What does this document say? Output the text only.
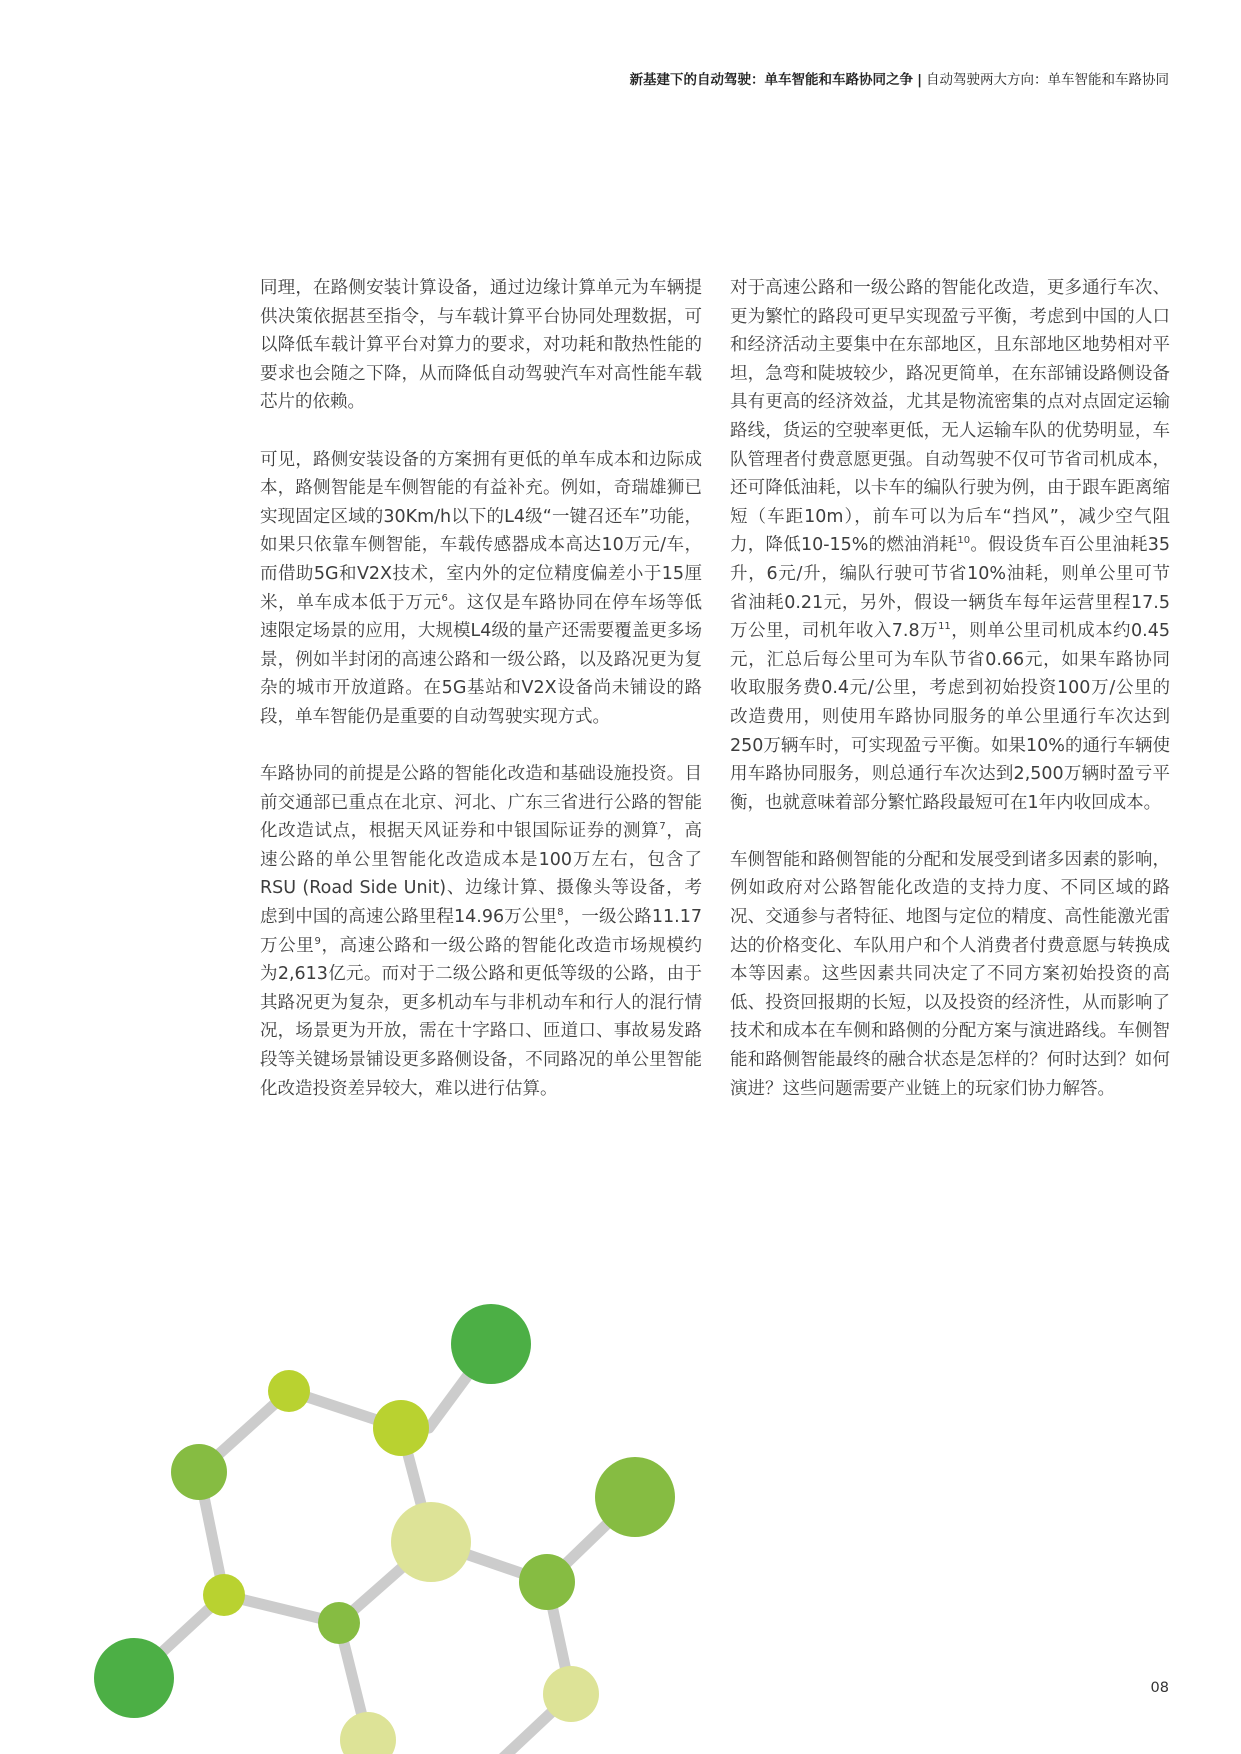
新基建下的自动驾驶：单车智能和车路协同之争 | 自动驾驶两大方向：单车智能和车路协同

同理，在路侧安装计算设备，通过边缘计算单元为车辆提供决策依据甚至指令，与车载计算平台协同处理数据，可以降低车载计算平台对算力的要求，对功耗和散热性能的要求也会随之下降，从而降低自动驾驶汽车对高性能车载芯片的依赖。

可见，路侧安装设备的方案拥有更低的单车成本和边际成本，路侧智能是车侧智能的有益补充。例如，奇瑞雄狮已实现固定区域的30Km/h以下的L4级“一键召还车”功能，如果只依靠车侧智能，车载传感器成本高达10万元/车，而借助5G和V2X技术，室内外的定位精度偏差小于15厘米，单车成本低于万元$^6$。这仅是车路协同在停车场等低速限定场景的应用，大规模L4级的量产还需要覆盖更多场景，例如半封闭的高速公路和一级公路，以及路况更为复杂的城市开放道路。在5G基站和V2X设备尚未铺设的路段，单车智能仍是重要的自动驾驶实现方式。

车路协同的前提是公路的智能化改造和基础设施投资。目前交通部已重点在北京、河北、广东三省进行公路的智能化改造试点，根据天风证券和中银国际证券的测算$^7$，高速公路的单公里智能化改造成本是100万左右，包含了RSU (Road Side Unit)、边缘计算、摄像头等设备，考虑到中国的高速公路里程14.96万公里$^8$，一级公路11.17万公里$^9$，高速公路和一级公路的智能化改造市场规模约为2,613亿元。而对于二级公路和更低等级的公路，由于其路况更为复杂，更多机动车与非机动车和行人的混行情况，场景更为开放，需在十字路口、匝道口、事故易发路段等关键场景铺设更多路侧设备，不同路况的单公里智能化改造投资差异较大，难以进行估算。

对于高速公路和一级公路的智能化改造，更多通行车次、更为繁忙的路段可更早实现盈亏平衡，考虑到中国的人口和经济活动主要集中在东部地区，且东部地区地势相对平坦，急弯和陡坡较少，路况更简单，在东部铺设路侧设备具有更高的经济效益，尤其是物流密集的点对点固定运输路线，货运的空驶率更低，无人运输车队的优势明显，车队管理者付费意愿更强。自动驾驶不仅可节省司机成本，还可降低油耗，以卡车的编队行驶为例，由于跟车距离缩短（车距10m），前车可以为后车“挡风”，减少空气阻力，降低10-15%的燃油消耗$^{10}$。假设货车百公里油耗35升，6元/升，编队行驶可节省10%油耗，则单公里可节省油耗0.21元，另外，假设一辆货车每年运营里程17.5万公里，司机年收入7.8万$^{11}$，则单公里司机成本约0.45元，汇总后每公里可为车队节省0.66元，如果车路协同收取服务费0.4元/公里，考虑到初始投资100万/公里的改造费用，则使用车路协同服务的单公里通行车次达到250万辆车时，可实现盈亏平衡。如果10%的通行车辆使用车路协同服务，则总通行车次达到2,500万辆时盈亏平衡，也就意味着部分繁忙路段最短可在1年内收回成本。

车侧智能和路侧智能的分配和发展受到诸多因素的影响，例如政府对公路智能化改造的支持力度、不同区域的路况、交通参与者特征、地图与定位的精度、高性能激光雷达的价格变化、车队用户和个人消费者付费意愿与转换成本等因素。这些因素共同决定了不同方案初始投资的高低、投资回报期的长短，以及投资的经济性，从而影响了技术和成本在车侧和路侧的分配方案与演进路线。车侧智能和路侧智能最终的融合状态是怎样的？何时达到？如何演进？这些问题需要产业链上的玩家们协力解答。

08
